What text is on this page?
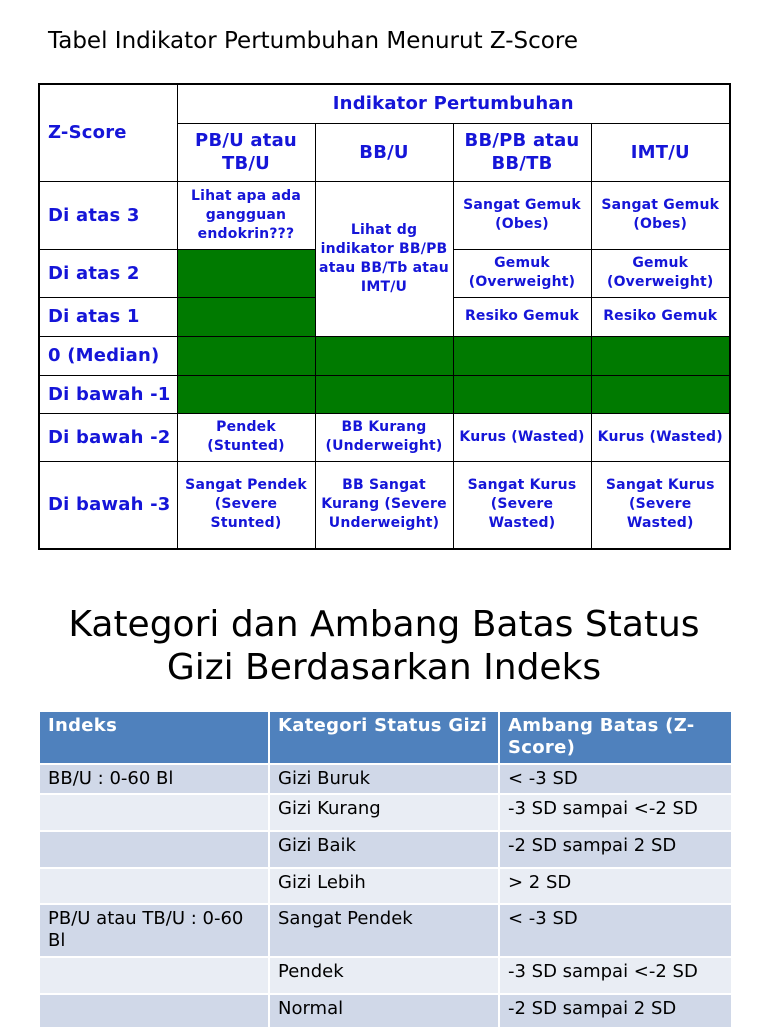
Tabel Indikator Pertumbuhan Menurut Z-Score
Z-Score	Indikator Pertumbuhan			
	PB/U atau TB/U	BB/U	BB/PB atau BB/TB	IMT/U
Di atas 3	Lihat apa ada gangguan endokrin???	Lihat dg indikator BB/PB atau BB/Tb atau IMT/U	Sangat Gemuk (Obes)	Sangat Gemuk (Obes)
Di atas 2			Gemuk (Overweight)	Gemuk (Overweight)
Di atas 1			Resiko Gemuk	Resiko Gemuk
0 (Median)				
Di bawah -1				
Di bawah -2	Pendek (Stunted)	BB Kurang (Underweight)	Kurus (Wasted)	Kurus (Wasted)
Di bawah -3	Sangat Pendek (Severe Stunted)	BB Sangat Kurang (Severe Underweight)	Sangat Kurus (Severe Wasted)	Sangat Kurus (Severe Wasted)
Kategori dan Ambang Batas Status
Gizi Berdasarkan Indeks
Indeks	Kategori Status Gizi	Ambang Batas (Z-Score)
BB/U : 0-60 Bl	Gizi Buruk	< -3 SD
	Gizi Kurang	-3 SD sampai <-2 SD
	Gizi Baik	-2 SD sampai 2 SD
	Gizi Lebih	> 2 SD
PB/U atau TB/U : 0-60 Bl	Sangat Pendek	< -3 SD
	Pendek	-3 SD sampai <-2 SD
	Normal	-2 SD sampai 2 SD
